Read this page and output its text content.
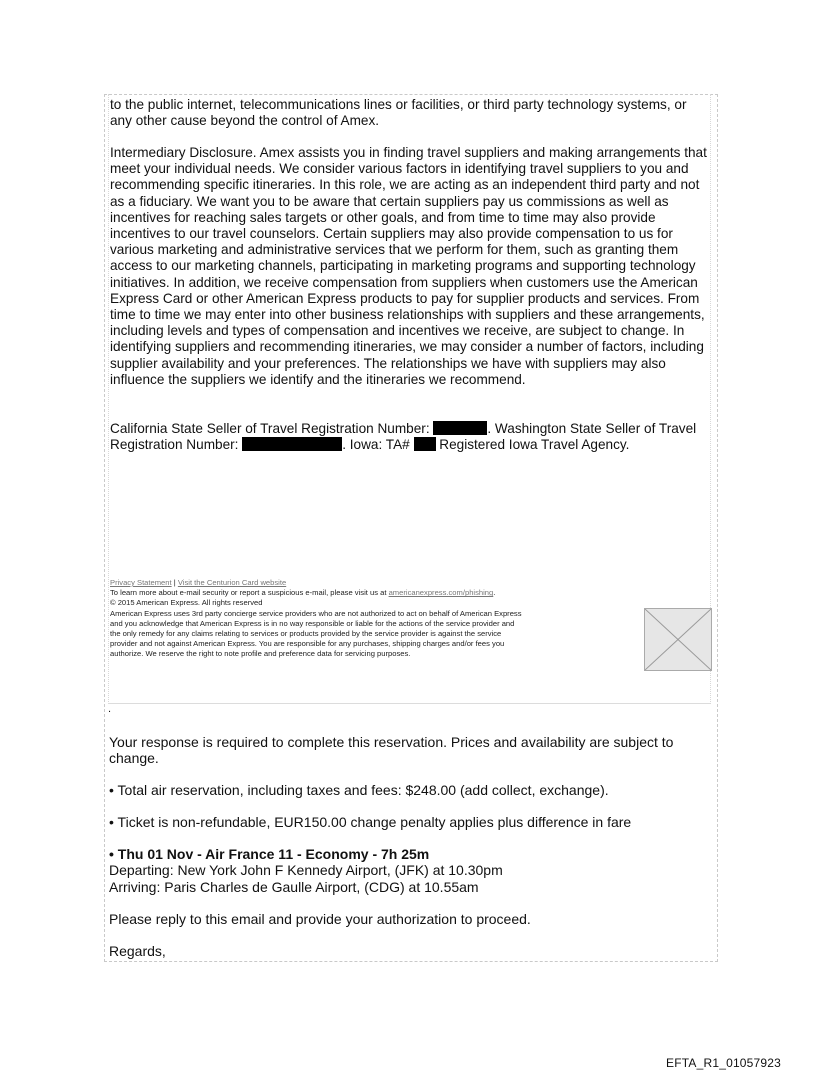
to the public internet, telecommunications lines or facilities, or third party technology systems, or any other cause beyond the control of Amex.

Intermediary Disclosure. Amex assists you in finding travel suppliers and making arrangements that meet your individual needs. We consider various factors in identifying travel suppliers to you and recommending specific itineraries. In this role, we are acting as an independent third party and not as a fiduciary. We want you to be aware that certain suppliers pay us commissions as well as incentives for reaching sales targets or other goals, and from time to time may also provide incentives to our travel counselors. Certain suppliers may also provide compensation to us for various marketing and administrative services that we perform for them, such as granting them access to our marketing channels, participating in marketing programs and supporting technology initiatives. In addition, we receive compensation from suppliers when customers use the American Express Card or other American Express products to pay for supplier products and services. From time to time we may enter into other business relationships with suppliers and these arrangements, including levels and types of compensation and incentives we receive, are subject to change. In identifying suppliers and recommending itineraries, we may consider a number of factors, including supplier availability and your preferences. The relationships we have with suppliers may also influence the suppliers we identify and the itineraries we recommend.

California State Seller of Travel Registration Number:	. Washington State Seller of Travel Registration Number:	. Iowa: TA# Registered Iowa Travel Agency.

Privacy Statement | Visit the Centurion Card website
To learn more about e-mail security or report a suspicious e-mail, please visit us at americanexpress.com/phishing.
© 2015 American Express. All rights reserved
American Express uses 3rd party concierge service providers who are not authorized to act on behalf of American Express
and you acknowledge that American Express is in no way responsible or liable for the actions of the service provider and
the only remedy for any claims relating to services or products provided by the service provider is against the service
provider and not against American Express. You are responsible for any purchases, shipping charges and/or fees you
authorize. We reserve the right to note profile and preference data for servicing purposes.
.

Your response is required to complete this reservation. Prices and availability are subject to change.

• Total air reservation, including taxes and fees: $248.00 (add collect, exchange).

• Ticket is non-refundable, EUR150.00 change penalty applies plus difference in fare

• Thu 01 Nov - Air France 11 - Economy - 7h 25m
Departing: New York John F Kennedy Airport, (JFK) at 10.30pm
Arriving: Paris Charles de Gaulle Airport, (CDG) at 10.55am

Please reply to this email and provide your authorization to proceed.

Regards,

EFTA_R1_01057923
